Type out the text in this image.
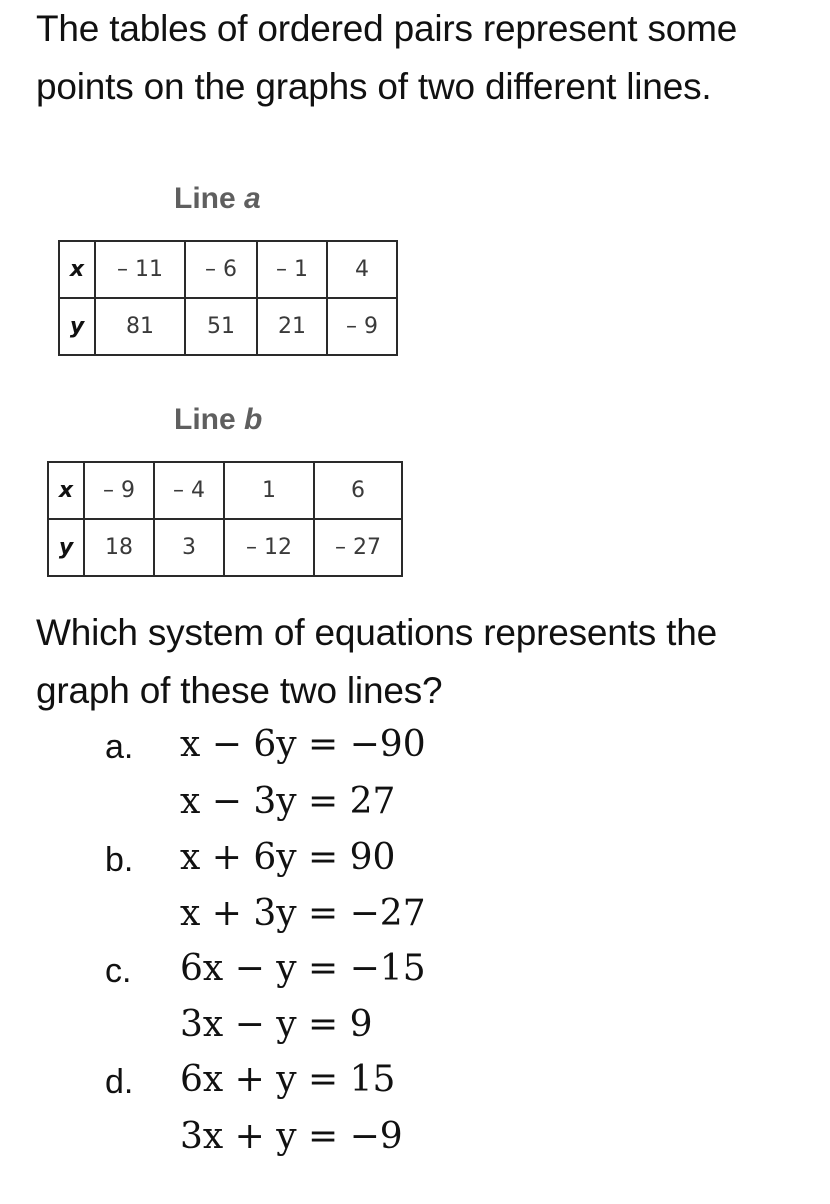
The tables of ordered pairs represent some points on the graphs of two different lines.
Line a
x	– 11	– 6	– 1	4
y	81	51	21	– 9
Line b
x	– 9	– 4	1	6
y	18	3	– 12	– 27
Which system of equations represents the graph of these two lines?
a. x − 6y = −90
x − 3y = 27
b. x + 6y = 90
x + 3y = −27
c. 6x − y = −15
3x − y = 9
d. 6x + y = 15
3x + y = −9
